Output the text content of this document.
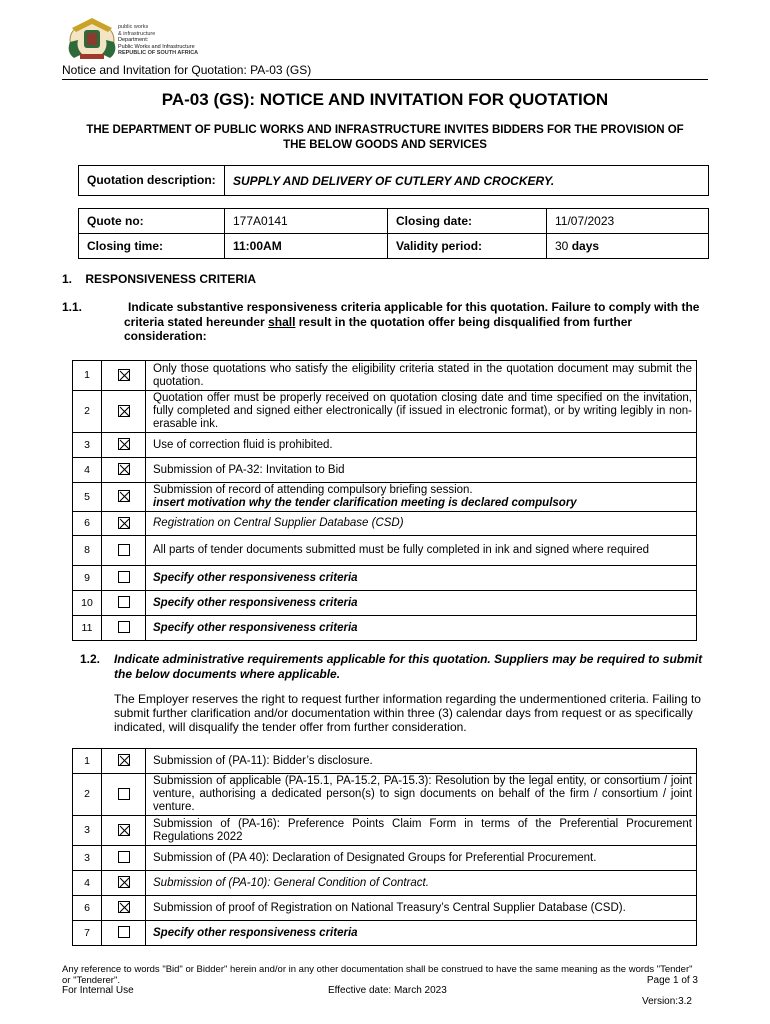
public works
& infrastructure
Department:
Public Works and Infrastructure
REPUBLIC OF SOUTH AFRICA
Notice and Invitation for Quotation: PA-03 (GS)
PA-03 (GS): NOTICE AND INVITATION FOR QUOTATION
THE DEPARTMENT OF PUBLIC WORKS AND INFRASTRUCTURE INVITES BIDDERS FOR THE PROVISION OF THE BELOW GOODS AND SERVICES
Quotation description:	SUPPLY AND DELIVERY OF CUTLERY AND CROCKERY.
Quote no:	177A0141	Closing date:	11/07/2023
Closing time:	11:00AM	Validity period:	30 days
1. RESPONSIVENESS CRITERIA
1.1.	Indicate substantive responsiveness criteria applicable for this quotation. Failure to comply with the criteria stated hereunder shall result in the quotation offer being disqualified from further consideration:
1		Only those quotations who satisfy the eligibility criteria stated in the quotation document may submit the quotation.
2		Quotation offer must be properly received on quotation closing date and time specified on the invitation, fully completed and signed either electronically (if issued in electronic format), or by writing legibly in non-erasable ink.
3		Use of correction fluid is prohibited.
4		Submission of PA-32: Invitation to Bid
5		Submission of record of attending compulsory briefing session.
insert motivation why the tender clarification meeting is declared compulsory

6		Registration on Central Supplier Database (CSD)
8		All parts of tender documents submitted must be fully completed in ink and signed where required
9		Specify other responsiveness criteria
10		Specify other responsiveness criteria
11		Specify other responsiveness criteria
1.2. Indicate administrative requirements applicable for this quotation. Suppliers may be required to submit the below documents where applicable.
The Employer reserves the right to request further information regarding the undermentioned criteria. Failing to submit further clarification and/or documentation within three (3) calendar days from request or as specifically indicated, will disqualify the tender offer from further consideration.
1		Submission of (PA-11): Bidder’s disclosure.
2		Submission of applicable (PA-15.1, PA-15.2, PA-15.3): Resolution by the legal entity, or consortium / joint venture, authorising a dedicated person(s) to sign documents on behalf of the firm / consortium / joint venture.
3		Submission of (PA-16): Preference Points Claim Form in terms of the Preferential Procurement Regulations 2022
3		Submission of (PA 40): Declaration of Designated Groups for Preferential Procurement.
4		Submission of (PA-10): General Condition of Contract.
6		Submission of proof of Registration on National Treasury’s Central Supplier Database (CSD).
7		Specify other responsiveness criteria
Any reference to words "Bid" or Bidder" herein and/or in any other documentation shall be construed to have the same meaning as the words "Tender" or "Tenderer".	Page 1 of 3
For Internal Use	Effective date: March 2023
Version:3.2
